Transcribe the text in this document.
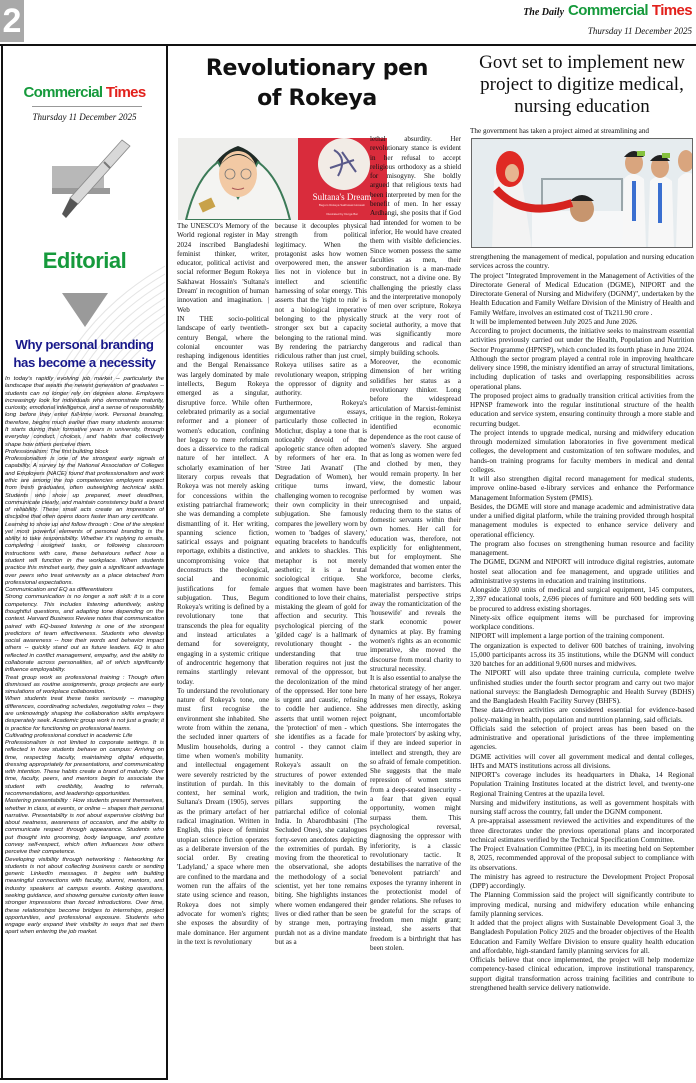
2	The Daily Commercial Times
Thursday 11 December 2025
Commercial Times
Thursday 11 December 2025
Editorial
Why personal branding has become a necessity

In today's rapidly evolving job market -- particularly the landscape that awaits the newest generation of graduates -- students can no longer rely on degrees alone. Employers increasingly look for individuals who demonstrate maturity, curiosity, emotional intelligence, and a sense of responsibility long before they enter full-time work. Personal branding, therefore, begins much earlier than many students assume: It starts during their formative years in university, through everyday conduct, choices, and habits that collectively shape how others perceive them.

Professionalism: The first building block

Professionalism is one of the strongest early signals of capability. A survey by the National Association of Colleges and Employers (NACE) found that professionalism and work ethic are among the top competencies employers expect from fresh graduates, often outweighing technical skills. Students who show up prepared, meet deadlines, communicate clearly, and maintain consistency build a brand of reliability. These small acts create an impression of discipline that often opens doors faster than any certificate.

Learning to show up and follow through : One of the simplest yet most powerful elements of personal branding is the ability to take responsibility. Whether it's replying to emails, completing assigned tasks, or following classroom instructions with care, these behaviours reflect how a student will function in the workplace. When students practice this mindset early, they gain a significant advantage over peers who treat university as a place detached from professional expectations.

Communication and EQ as differentiators

Strong communication is no longer a soft skill: it is a core competency. This includes listening attentively, asking thoughtful questions, and adapting tone depending on the context. Harvard Business Review notes that communication paired with EQ-based listening is one of the strongest predictors of team effectiveness. Students who develop social awareness -- how their words and behavior impact others -- quickly stand out as future leaders. EQ is also reflected in conflict management, empathy, and the ability to collaborate across personalities, all of which significantly influence employability.

Treat group work as professional training : Though often dismissed as routine assignments, group projects are early simulations of workplace collaboration.

When students treat these tasks seriously -- managing differences, coordinating schedules, negotiating roles -- they are unknowingly shaping the collaboration skills employers desperately seek. Academic group work is not just a grade; it is practice for functioning on professional teams.

Cultivating professional conduct in academic Life

Professionalism is not limited to corporate settings. It is reflected in how students behave on campus: Arriving on time, respecting faculty, maintaining digital etiquette, dressing appropriately for presentations, and communicating with intention. These habits create a brand of maturity. Over time, faculty, peers, and mentors begin to associate the student with credibility, leading to referrals, recommendations, and leadership opportunities.

Mastering presentability : How students present themselves, whether in class, at events, or online -- shapes their personal narrative. Presentability is not about expensive clothing but about neatness, awareness of occasion, and the ability to communicate respect through appearance. Students who put thought into grooming, body language, and posture convey self-respect, which often influences how others perceive their competence.

Developing visibility through networking : Networking for students is not about collecting business cards or sending generic LinkedIn messages. It begins with building meaningful connections with faculty, alumni, mentors, and industry speakers at campus events. Asking questions, seeking guidance, and showing genuine curiosity often leave stronger impressions than forced introductions. Over time, these relationships become bridges to internships, project opportunities, and professional exposure. Students who engage early expand their visibility in ways that set them apart when entering the job market.

Revolutionary pen
of Rokeya
Sultana's Dream
Begum Rokeya Sakhawat Hossain
Illustrated by Durga Bai

The UNESCO's Memory of the World regional register in May 2024 inscribed Bangladeshi feminist thinker, writer, educator, political activist and social reformer Begum Rokeya Sakhawat Hossain's 'Sultana's Dream' in recognition of human innovation and imagination. | Web

IN THE socio-political landscape of early twentieth-century Bengal, where the colonial encounter was reshaping indigenous identities and the Bengal Renaissance was largely dominated by male intellects, Begum Rokeya emerged as a singular, disruptive force. While often celebrated primarily as a social reformer and a pioneer of women's education, confining her legacy to mere reformism does a disservice to the radical nature of her intellect. A scholarly examination of her literary corpus reveals that Rokeya was not merely asking for concessions within the existing patriarchal framework; she was demanding a complete dismantling of it. Her writing, spanning science fiction, satirical essays and poignant reportage, exhibits a distinctive, uncompromising voice that deconstructs the theological, social and economic justifications for female subjugation. Thus, Begum Rokeya's writing is defined by a revolutionary tone that transcends the plea for equality and instead articulates a demand for sovereignty, engaging in a systemic critique of androcentric hegemony that remains startlingly relevant today.

To understand the revolutionary nature of Rokeya's tone, one must first recognise the environment she inhabited. She wrote from within the zenana, the secluded inner quarters of Muslim households, during a time when women's mobility and intellectual engagement were severely restricted by the institution of purdah. In this context, her seminal work, Sultana's Dream (1905), serves as the primary artefact of her radical imagination. Written in English, this piece of feminist utopian science fiction operates as a deliberate inversion of the social order. By creating 'Ladyland,' a space where men are confined to the mardana and women run the affairs of the state using science and reason, Rokeya does not simply advocate for women's rights; she exposes the absurdity of male dominance. Her argument in the text is revolutionary

because it decouples physical strength from political legitimacy. When the protagonist asks how women overpowered men, the answer lies not in violence but in intellect and scientific harnessing of solar energy. This asserts that the 'right to rule' is not a biological imperative belonging to the physically stronger sex but a capacity belonging to the rational mind. By rendering the patriarchy ridiculous rather than just cruel, Rokeya utilises satire as a revolutionary weapon, stripping the oppressor of dignity and authority.

Furthermore, Rokeya's argumentative essays, particularly those collected in Motichur, display a tone that is noticeably devoid of the apologetic stance often adopted by reformers of her era. In 'Stree Jati Avanati' (The Degradation of Women), her critique turns inward, challenging women to recognise their own complicity in their subjugation. She famously compares the jewellery worn by women to 'badges of slavery,' equating bracelets to handcuffs and anklets to shackles. This metaphor is not merely aesthetic; it is a brutal sociological critique. She argues that women have been conditioned to love their chains, mistaking the gleam of gold for affection and security. This psychological piercing of the 'gilded cage' is a hallmark of revolutionary thought - the understanding that true liberation requires not just the removal of the oppressor, but the decolonization of the mind of the oppressed. Her tone here is urgent and caustic, refusing to coddle her audience. She asserts that until women reject the 'protection' of men - which she identifies as a facade for control - they cannot claim humanity.

Rokeya's assault on the structures of power extended inevitably to the domain of religion and tradition, the twin pillars supporting the patriarchal edifice of colonial India. In Abarodhbasini (The Secluded Ones), she catalogues forty-seven anecdotes depicting the extremities of purdah. By moving from the theoretical to the observational, she adopts the methodology of a social scientist, yet her tone remains biting. She highlights instances where women endangered their lives or died rather than be seen by strange men, portraying purdah not as a divine mandate but as a

lethal absurdity. Her revolutionary stance is evident in her refusal to accept religious orthodoxy as a shield for misogyny. She boldly argued that religious texts had been interpreted by men for the benefit of men. In her essay Ardhangi, she posits that if God had intended for women to be inferior, He would have created them with visible deficiencies. Since women possess the same faculties as men, their subordination is a man-made construct, not a divine one. By challenging the priestly class and the interpretative monopoly of men over scripture, Rokeya struck at the very root of societal authority, a move that was significantly more dangerous and radical than simply building schools.

Moreover, the economic dimension of her writing solidifies her status as a revolutionary thinker. Long before the widespread articulation of Marxist-feminist critique in the region, Rokeya identified economic dependence as the root cause of women's slavery. She argued that as long as women were fed and clothed by men, they would remain property. In her view, the domestic labour performed by women was unrecognised and unpaid, reducing them to the status of domestic servants within their own homes. Her call for education was, therefore, not explicitly for enlightenment, but for employment. She demanded that women enter the workforce, become clerks, magistrates and barristers. This materialist perspective strips away the romanticization of the 'housewife' and reveals the stark economic power dynamics at play. By framing women's rights as an economic imperative, she moved the discourse from moral charity to structural necessity.

It is also essential to analyse the rhetorical strategy of her anger. In many of her essays, Rokeya addresses men directly, asking poignant, uncomfortable questions. She interrogates the male 'protectors' by asking why, if they are indeed superior in intellect and strength, they are so afraid of female competition. She suggests that the male repression of women stems from a deep-seated insecurity - a fear that given equal opportunity, women might surpass them. This psychological reversal, diagnosing the oppressor with inferiority, is a classic revolutionary tactic. It destabilises the narrative of the 'benevolent patriarch' and exposes the tyranny inherent in the protectionist model of gender relations. She refuses to be grateful for the scraps of freedom men might grant; instead, she asserts that freedom is a birthright that has been stolen.

Govt set to implement new project to digitize medical, nursing education
The government has taken a project aimed at streamlining and

strengthening the management of medical, population and nursing education services across the country.

The project "Integrated Improvement in the Management of Activities of the Directorate General of Medical Education (DGME), NIPORT and the Directorate General of Nursing and Midwifery (DGNM)", undertaken by the Health Education and Family Welfare Division of the Ministry of Health and Family Welfare, involves an estimated cost of Tk211.90 crore .

It will be implemented between July 2025 and June 2026.

According to project documents, the initiative seeks to mainstream essential activities previously carried out under the Health, Population and Nutrition Sector Programme (HPNSP), which concluded its fourth phase in June 2024.

Although the sector program played a central role in improving healthcare delivery since 1998, the ministry identified an array of structural limitations, including duplication of tasks and overlapping responsibilities across operational plans.

The proposed project aims to gradually transition critical activities from the HPNSP framework into the regular institutional structure of the health education and service system, ensuring continuity through a more stable and recurring budget.

The project intends to upgrade medical, nursing and midwifery education through modernized simulation laboratories in five government medical colleges, the development and customization of ten software modules, and hands-on training programs for faculty members in medical and dental colleges.

It will also strengthen digital record management for medical students, improve online-based e-library services and enhance the Performance Management Information System (PMIS).

Besides, the DGME will store and manage academic and administrative data under a unified digital platform, while the training provided through hospital management modules is expected to enhance service delivery and operational efficiency.

The program also focuses on strengthening human resource and facility management.

The DGME, DGNM and NIPORT will introduce digital registries, automate hostel seat allocation and fee management, and upgrade utilities and administrative systems in education and training institutions.

Alongside 3,030 units of medical and surgical equipment, 145 computers, 2,397 educational tools, 2,696 pieces of furniture and 600 bedding sets will be procured to address existing shortages.

Ninety-six office equipment items will be purchased for improving workplace conditions.

NIPORT will implement a large portion of the training component.

The organization is expected to deliver 600 batches of training, involving 15,000 participants across its 35 institutions, while the DGNM will conduct 320 batches for an additional 9,600 nurses and midwives.

The NIPORT will also update three training curricula, complete twelve unfinished studies under the fourth sector program and carry out two major national surveys: the Bangladesh Demographic and Health Survey (BDHS) and the Bangladesh Health Facility Survey (BHFS).

These data-driven activities are considered essential for evidence-based policy-making in health, population and nutrition planning, said officials.

Officials said the selection of project areas has been based on the administrative and operational jurisdictions of the three implementing agencies.

DGME activities will cover all government medical and dental colleges, IHTs and MATS institutions across all divisions.

NIPORT's coverage includes its headquarters in Dhaka, 14 Regional Population Training Institutes located at the district level, and twenty-one Regional Training Centres at the upazila level.

Nursing and midwifery institutions, as well as government hospitals with nursing staff across the country, fall under the DGNM component.

A pre-appraisal assessment reviewed the activities and expenditures of the three directorates under the previous operational plans and incorporated technical estimates verified by the Technical Specification Committee.

The Project Evaluation Committee (PEC), in its meeting held on September 8, 2025, recommended approval of the proposal subject to compliance with its observations.

The ministry has agreed to restructure the Development Project Proposal (DPP) accordingly.

The Planning Commission said the project will significantly contribute to improving medical, nursing and midwifery education while enhancing family planning services.

It added that the project aligns with Sustainable Development Goal 3, the Bangladesh Population Policy 2025 and the broader objectives of the Health Education and Family Welfare Division to ensure quality health education and affordable, high-standard family planning services for all.

Officials believe that once implemented, the project will help modernize competency-based clinical education, improve institutional transparency, support digital transformation across training facilities and contribute to strengthened health service delivery nationwide.
